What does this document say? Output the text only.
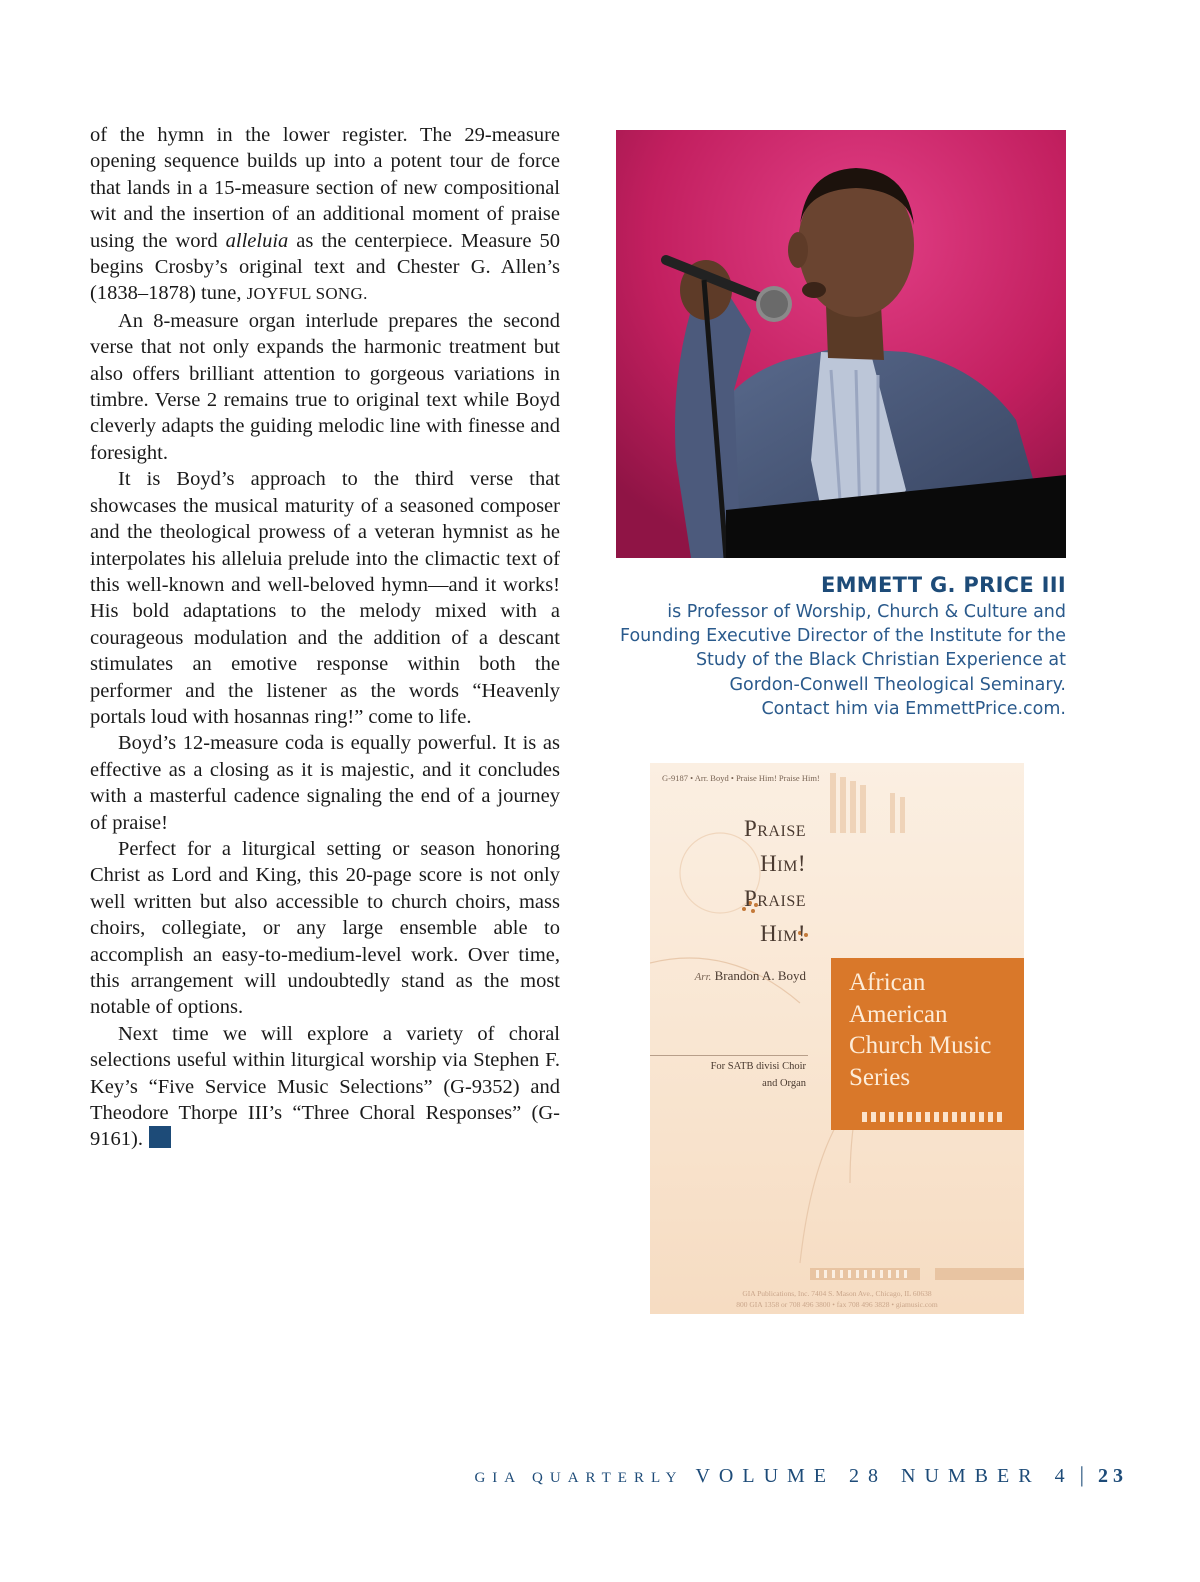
of the hymn in the lower register. The 29-measure opening sequence builds up into a potent tour de force that lands in a 15-measure section of new compositional wit and the insertion of an additional moment of praise using the word alleluia as the centerpiece. Measure 50 begins Crosby’s original text and Chester G. Allen’s (1838–1878) tune, JOYFUL SONG.

An 8-measure organ interlude prepares the second verse that not only expands the harmonic treatment but also offers brilliant attention to gorgeous variations in timbre. Verse 2 remains true to original text while Boyd cleverly adapts the guiding melodic line with finesse and foresight.

It is Boyd’s approach to the third verse that showcases the musical maturity of a seasoned composer and the theological prowess of a veteran hymnist as he interpolates his alleluia prelude into the climactic text of this well-known and well-beloved hymn—and it works! His bold adaptations to the melody mixed with a courageous modulation and the addition of a descant stimulates an emotive response within both the performer and the listener as the words “Heavenly portals loud with hosannas ring!” come to life.

Boyd’s 12-measure coda is equally powerful. It is as effective as a closing as it is majestic, and it concludes with a masterful cadence signaling the end of a journey of praise!

Perfect for a liturgical setting or season honoring Christ as Lord and King, this 20-page score is not only well written but also accessible to church choirs, mass choirs, collegiate, or any large ensemble able to accomplish an easy-to-medium-level work. Over time, this arrangement will undoubtedly stand as the most notable of options.

Next time we will explore a variety of choral selections useful within liturgical worship via Stephen F. Key’s “Five Service Music Selections” (G-9352) and Theodore Thorpe III’s “Three Choral Responses” (G-9161).

EMMETT G. PRICE III
is Professor of Worship, Church & Culture and
Founding Executive Director of the Institute for the
Study of the Black Christian Experience at
Gordon-Conwell Theological Seminary.
Contact him via EmmettPrice.com.
G-9187 • Arr. Boyd • Praise Him! Praise Him!
Praise
Him!
Praise
Him!
Arr. Brandon A. Boyd
For SATB divisi Choir
and Organ
African
American
Church Music
Series
GIA Publications, Inc. 7404 S. Mason Ave., Chicago, IL 60638
800 GIA 1358 or 708 496 3800 • fax 708 496 3828 • giamusic.com
GIA QUARTERLY VOLUME 28 NUMBER 4 | 23
